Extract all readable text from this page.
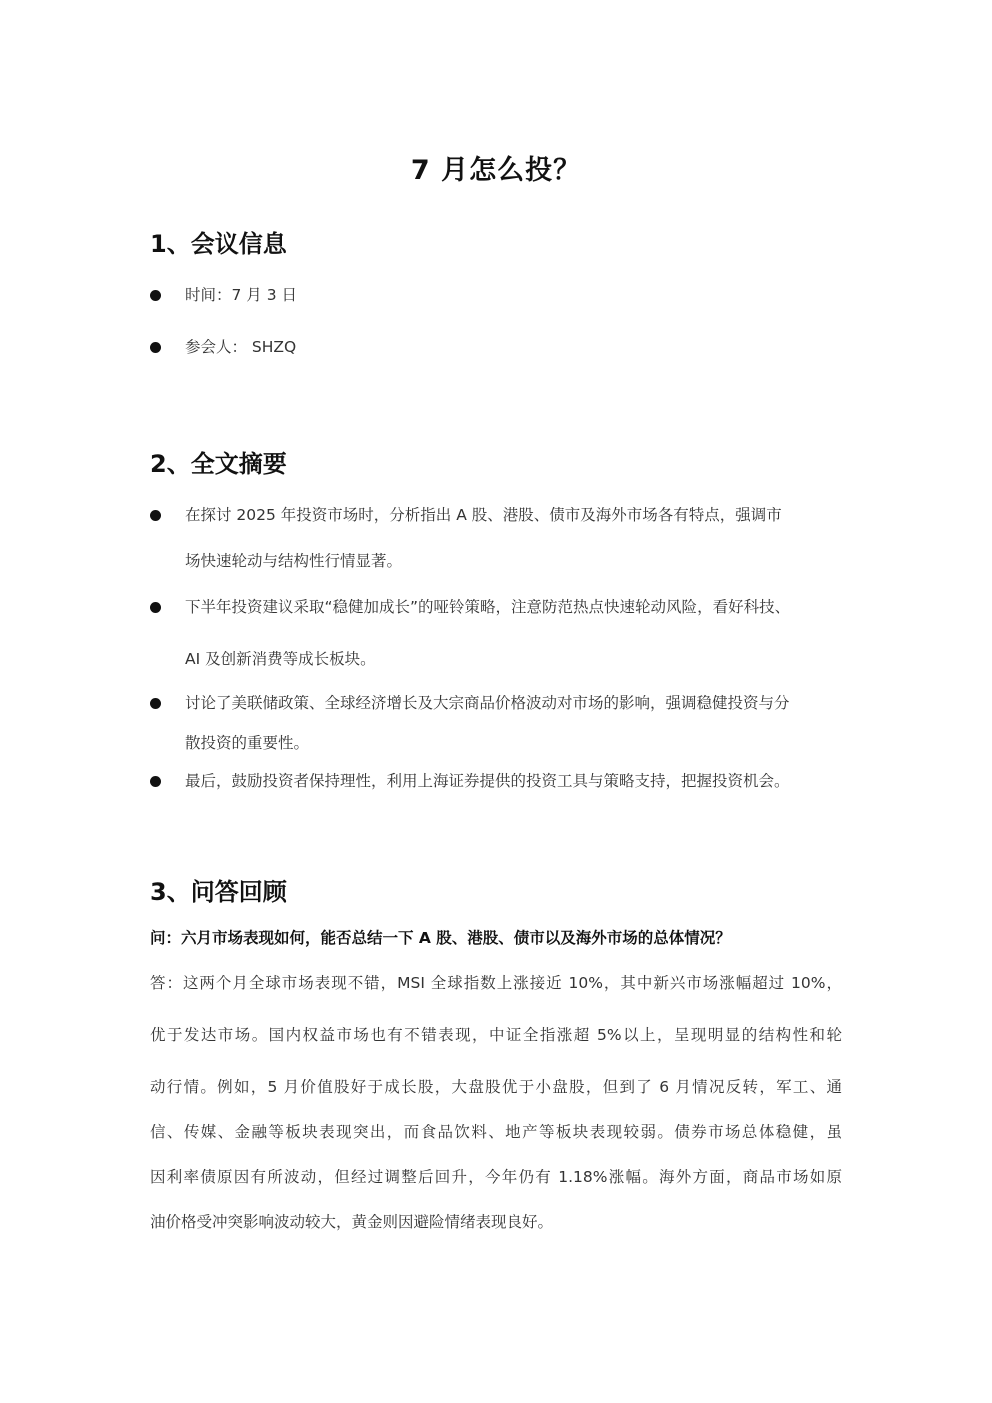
7 月怎么投？
1、会议信息
时间：7 月 3 日
参会人： SHZQ
2、全文摘要
在探讨 2025 年投资市场时，分析指出 A 股、港股、债市及海外市场各有特点，强调市
场快速轮动与结构性行情显著。
下半年投资建议采取“稳健加成长”的哑铃策略，注意防范热点快速轮动风险，看好科技、
AI 及创新消费等成长板块。
讨论了美联储政策、全球经济增长及大宗商品价格波动对市场的影响，强调稳健投资与分
散投资的重要性。
最后，鼓励投资者保持理性，利用上海证券提供的投资工具与策略支持，把握投资机会。
3、问答回顾
问：六月市场表现如何，能否总结一下 A 股、港股、债市以及海外市场的总体情况？
答：这两个月全球市场表现不错，MSI 全球指数上涨接近 10%，其中新兴市场涨幅超过 10%，
优于发达市场。国内权益市场也有不错表现，中证全指涨超 5%以上，呈现明显的结构性和轮
动行情。例如，5 月价值股好于成长股，大盘股优于小盘股，但到了 6 月情况反转，军工、通
信、传媒、金融等板块表现突出，而食品饮料、地产等板块表现较弱。债券市场总体稳健，虽
因利率债原因有所波动，但经过调整后回升，今年仍有 1.18%涨幅。海外方面，商品市场如原
油价格受冲突影响波动较大，黄金则因避险情绪表现良好。
